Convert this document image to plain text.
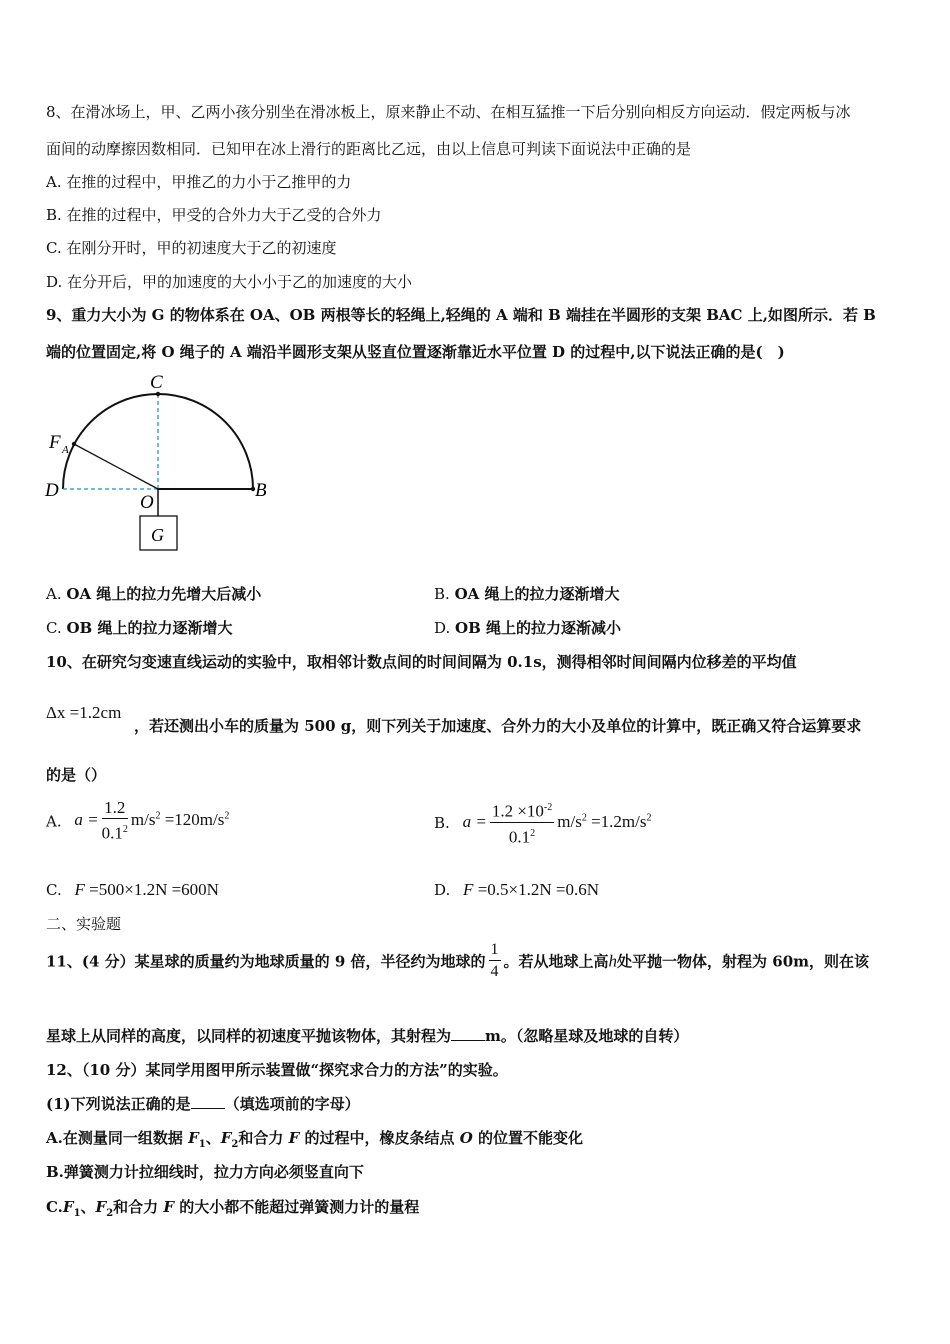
8、在滑冰场上，甲、乙两小孩分别坐在滑冰板上，原来静止不动、在相互猛推一下后分别向相反方向运动．假定两板与冰
面间的动摩擦因数相同．已知甲在冰上滑行的距离比乙远，由以上信息可判读下面说法中正确的是
A. 在推的过程中，甲推乙的力小于乙推甲的力
B. 在推的过程中，甲受的合外力大于乙受的合外力
C. 在刚分开时，甲的初速度大于乙的初速度
D. 在分开后，甲的加速度的大小小于乙的加速度的大小
9、重力大小为 G 的物体系在 OA、OB 两根等长的轻绳上,轻绳的 A 端和 B 端挂在半圆形的支架 BAC 上,如图所示．若 B
端的位置固定,将 O 绳子的 A 端沿半圆形支架从竖直位置逐渐靠近水平位置 D 的过程中,以下说法正确的是(　)
C
F A
D
O
B
G
A. OA 绳上的拉力先增大后减小	B. OA 绳上的拉力逐渐增大
C. OB 绳上的拉力逐渐增大	D. OB 绳上的拉力逐渐减小
10、在研究匀变速直线运动的实验中，取相邻计数点间的时间间隔为 0.1s，测得相邻时间间隔内位移差的平均值
Δx =1.2cm
，若还测出小车的质量为 500 g，则下列关于加速度、合外力的大小及单位的计算中，既正确又符合运算要求
的是（）
A. $a = \frac{1.2}{0.1^2} m/s^2 =120m/s^2$	B. $a = \frac{1.2 \times 10^{-2}}{0.1^2} m/s^2 =1.2m/s^2$
C. F =500×1.2N =600N	D. F =0.5×1.2N =0.6N
二、实验题
11、(4 分）某星球的质量约为地球质量的 9 倍，半径约为地球的 $\frac{1}{4}$ 。若从地球上高h处平抛一物体，射程为 60m，则在该
星球上从同样的高度，以同样的初速度平抛该物体，其射程为 m。（忽略星球及地球的自转）
12、（10 分）某同学用图甲所示装置做“探究求合力的方法”的实验。
(1)下列说法正确的是 （填选项前的字母）
A.在测量同一组数据 $F_1$、$F_2$和合力 F 的过程中，橡皮条结点 O 的位置不能变化
B.弹簧测力计拉细线时，拉力方向必须竖直向下
$C.F_1$、$F_2$和合力 F 的大小都不能超过弹簧测力计的量程
